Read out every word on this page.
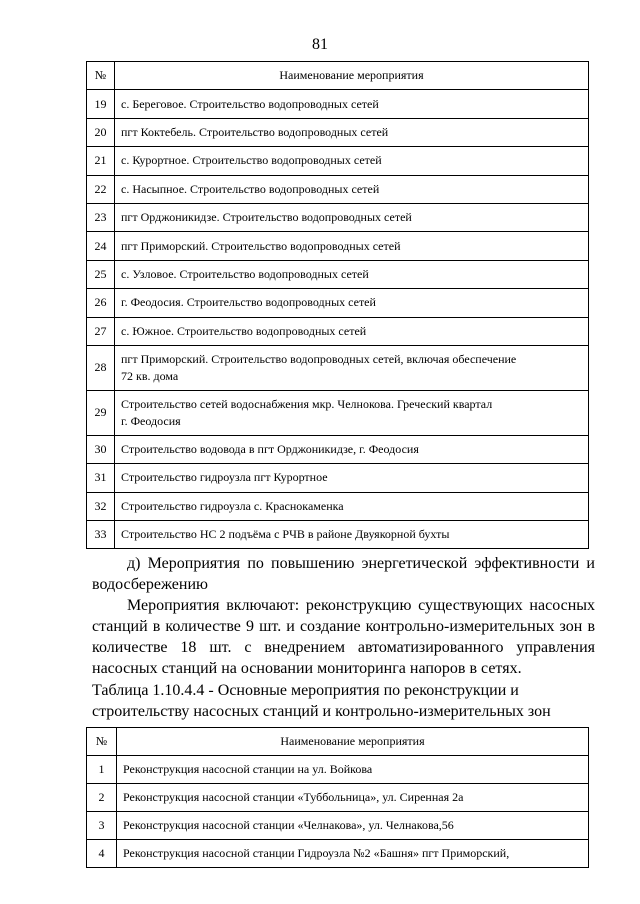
81
№	Наименование мероприятия
19	с. Береговое. Строительство водопроводных сетей

20	пгт Коктебель. Строительство водопроводных сетей

21	с. Курортное. Строительство водопроводных сетей

22	с. Насыпное. Строительство водопроводных сетей

23	пгт Орджоникидзе. Строительство водопроводных сетей

24	пгт Приморский. Строительство водопроводных сетей

25	с. Узловое. Строительство водопроводных сетей

26	г. Феодосия. Строительство водопроводных сетей

27	с. Южное. Строительство водопроводных сетей

28	пгт Приморский. Строительство водопроводных сетей, включая обеспечение
72 кв. дома

29	Строительство сетей водоснабжения мкр. Челнокова. Греческий квартал
г. Феодосия

30	Строительство водовода в пгт Орджоникидзе, г. Феодосия

31	Строительство гидроузла пгт Курортное

32	Строительство гидроузла с. Краснокаменка

33	Строительство НС 2 подъёма с РЧВ в районе Двуякорной бухты
д) Мероприятия по повышению энергетической эффективности и водосбережению
Мероприятия включают: реконструкцию существующих насосных станций в количестве 9 шт. и создание контрольно-измерительных зон в количестве 18 шт. с внедрением автоматизированного управления насосных станций на основании мониторинга напоров в сетях.
Таблица 1.10.4.4 - Основные мероприятия по реконструкции и строительству насосных станций и контрольно-измерительных зон
№	Наименование мероприятия
1	Реконструкция насосной станции на ул. Войкова

2	Реконструкция насосной станции «Туббольница», ул. Сиренная 2а

3	Реконструкция насосной станции «Челнакова», ул. Челнакова,56

4	Реконструкция насосной станции Гидроузла №2 «Башня» пгт Приморский,
